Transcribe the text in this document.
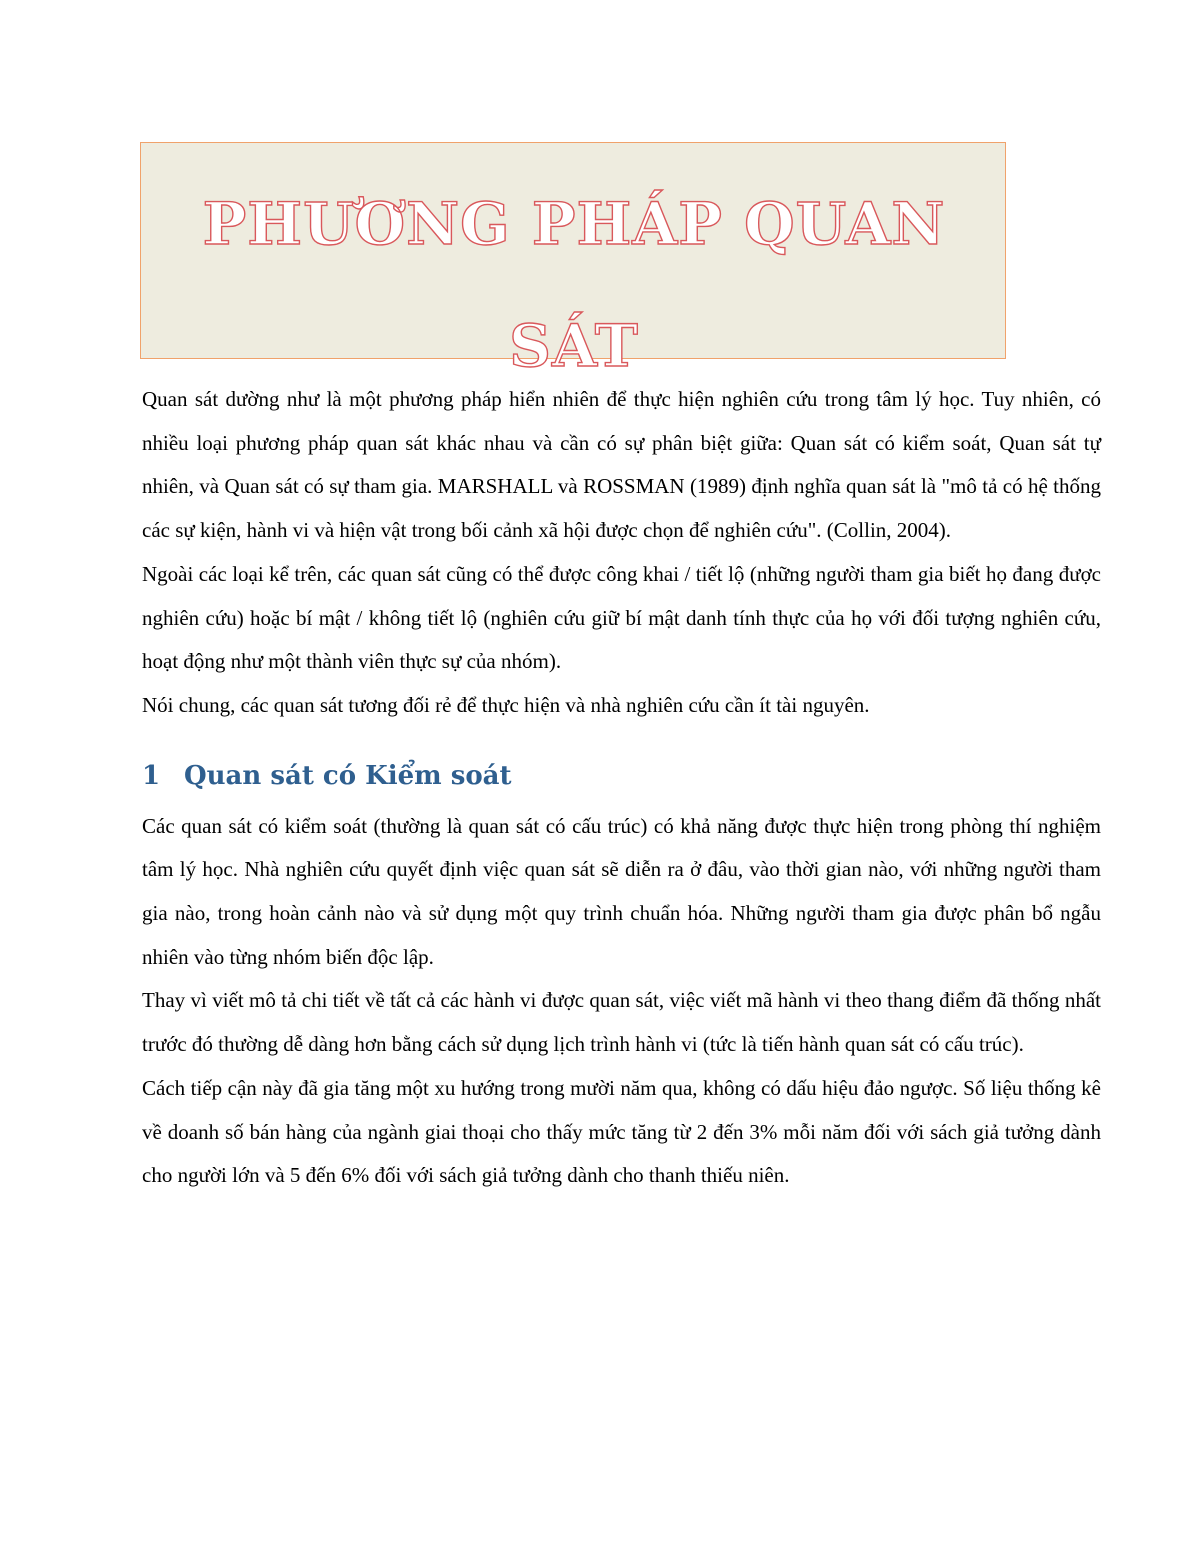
PHƯƠNG PHÁP QUAN SÁT

Quan sát dường như là một phương pháp hiển nhiên để thực hiện nghiên cứu trong tâm lý học. Tuy nhiên, có nhiều loại phương pháp quan sát khác nhau và cần có sự phân biệt giữa: Quan sát có kiểm soát, Quan sát tự nhiên, và Quan sát có sự tham gia. MARSHALL và ROSSMAN (1989) định nghĩa quan sát là "mô tả có hệ thống các sự kiện, hành vi và hiện vật trong bối cảnh xã hội được chọn để nghiên cứu". (Collin, 2004).

Ngoài các loại kể trên, các quan sát cũng có thể được công khai / tiết lộ (những người tham gia biết họ đang được nghiên cứu) hoặc bí mật / không tiết lộ (nghiên cứu giữ bí mật danh tính thực của họ với đối tượng nghiên cứu, hoạt động như một thành viên thực sự của nhóm).

Nói chung, các quan sát tương đối rẻ để thực hiện và nhà nghiên cứu cần ít tài nguyên.

1 Quan sát có Kiểm soát

Các quan sát có kiểm soát (thường là quan sát có cấu trúc) có khả năng được thực hiện trong phòng thí nghiệm tâm lý học. Nhà nghiên cứu quyết định việc quan sát sẽ diễn ra ở đâu, vào thời gian nào, với những người tham gia nào, trong hoàn cảnh nào và sử dụng một quy trình chuẩn hóa. Những người tham gia được phân bổ ngẫu nhiên vào từng nhóm biến độc lập.

Thay vì viết mô tả chi tiết về tất cả các hành vi được quan sát, việc viết mã hành vi theo thang điểm đã thống nhất trước đó thường dễ dàng hơn bằng cách sử dụng lịch trình hành vi (tức là tiến hành quan sát có cấu trúc).

Cách tiếp cận này đã gia tăng một xu hướng trong mười năm qua, không có dấu hiệu đảo ngược. Số liệu thống kê về doanh số bán hàng của ngành giai thoại cho thấy mức tăng từ 2 đến 3% mỗi năm đối với sách giả tưởng dành cho người lớn và 5 đến 6% đối với sách giả tưởng dành cho thanh thiếu niên.
